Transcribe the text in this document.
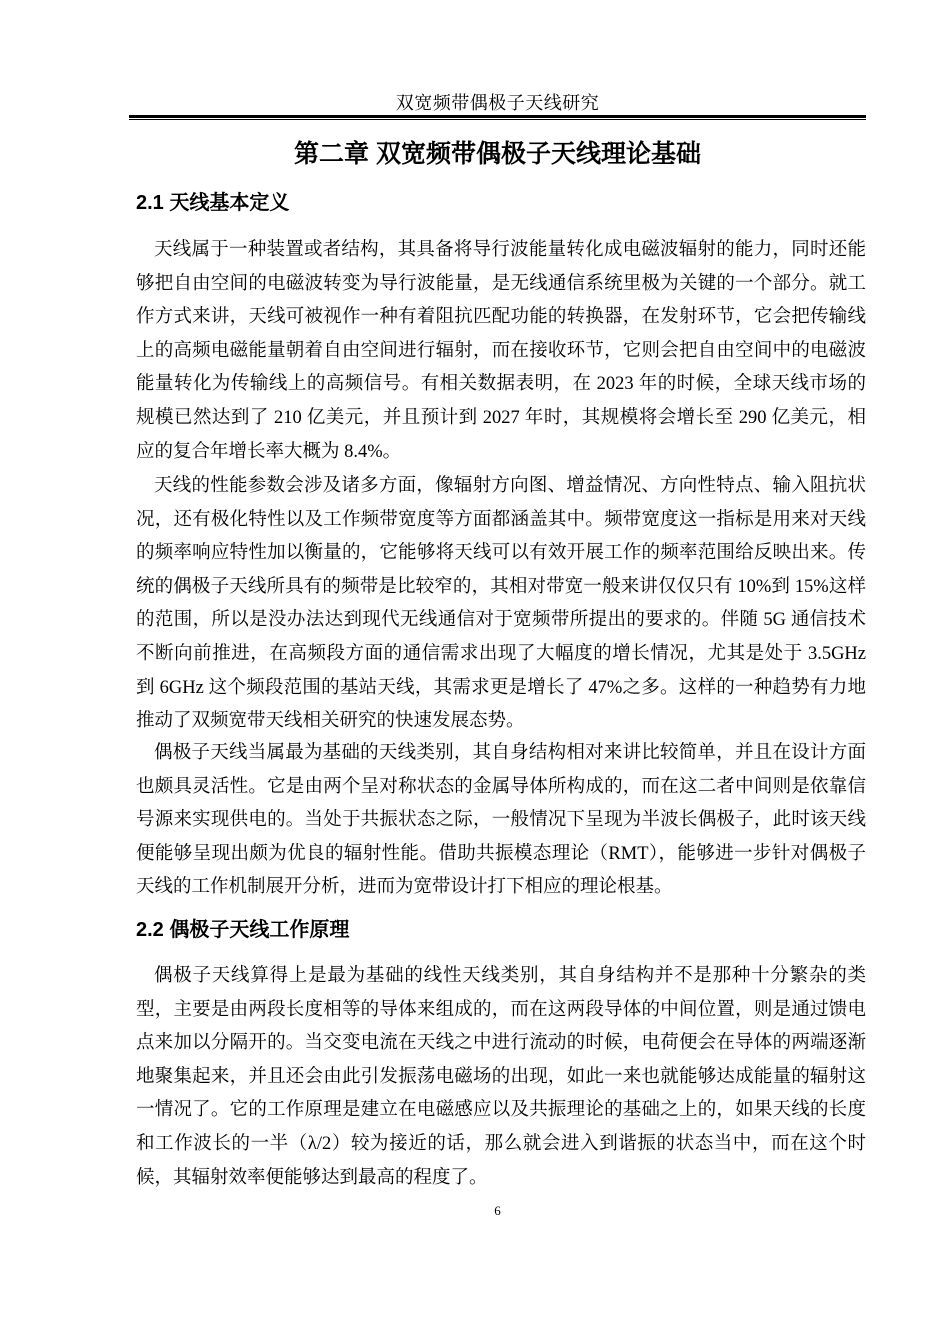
双宽频带偶极子天线研究
第二章 双宽频带偶极子天线理论基础
2.1 天线基本定义

天线属于一种装置或者结构，其具备将导行波能量转化成电磁波辐射的能力，同时还能够把自由空间的电磁波转变为导行波能量，是无线通信系统里极为关键的一个部分。就工作方式来讲，天线可被视作一种有着阻抗匹配功能的转换器，在发射环节，它会把传输线上的高频电磁能量朝着自由空间进行辐射，而在接收环节，它则会把自由空间中的电磁波能量转化为传输线上的高频信号。有相关数据表明，在 2023 年的时候，全球天线市场的规模已然达到了 210 亿美元，并且预计到 2027 年时，其规模将会增长至 290 亿美元，相应的复合年增长率大概为 8.4%。

天线的性能参数会涉及诸多方面，像辐射方向图、增益情况、方向性特点、输入阻抗状况，还有极化特性以及工作频带宽度等方面都涵盖其中。频带宽度这一指标是用来对天线的频率响应特性加以衡量的，它能够将天线可以有效开展工作的频率范围给反映出来。传统的偶极子天线所具有的频带是比较窄的，其相对带宽一般来讲仅仅只有 10%到 15%这样的范围，所以是没办法达到现代无线通信对于宽频带所提出的要求的。伴随 5G 通信技术不断向前推进，在高频段方面的通信需求出现了大幅度的增长情况，尤其是处于 3.5GHz 到 6GHz 这个频段范围的基站天线，其需求更是增长了 47%之多。这样的一种趋势有力地推动了双频宽带天线相关研究的快速发展态势。

偶极子天线当属最为基础的天线类别，其自身结构相对来讲比较简单，并且在设计方面也颇具灵活性。它是由两个呈对称状态的金属导体所构成的，而在这二者中间则是依靠信号源来实现供电的。当处于共振状态之际，一般情况下呈现为半波长偶极子，此时该天线便能够呈现出颇为优良的辐射性能。借助共振模态理论（RMT），能够进一步针对偶极子天线的工作机制展开分析，进而为宽带设计打下相应的理论根基。

2.2 偶极子天线工作原理

偶极子天线算得上是最为基础的线性天线类别，其自身结构并不是那种十分繁杂的类型，主要是由两段长度相等的导体来组成的，而在这两段导体的中间位置，则是通过馈电点来加以分隔开的。当交变电流在天线之中进行流动的时候，电荷便会在导体的两端逐渐地聚集起来，并且还会由此引发振荡电磁场的出现，如此一来也就能够达成能量的辐射这一情况了。它的工作原理是建立在电磁感应以及共振理论的基础之上的，如果天线的长度和工作波长的一半（λ/2）较为接近的话，那么就会进入到谐振的状态当中，而在这个时候，其辐射效率便能够达到最高的程度了。

6
